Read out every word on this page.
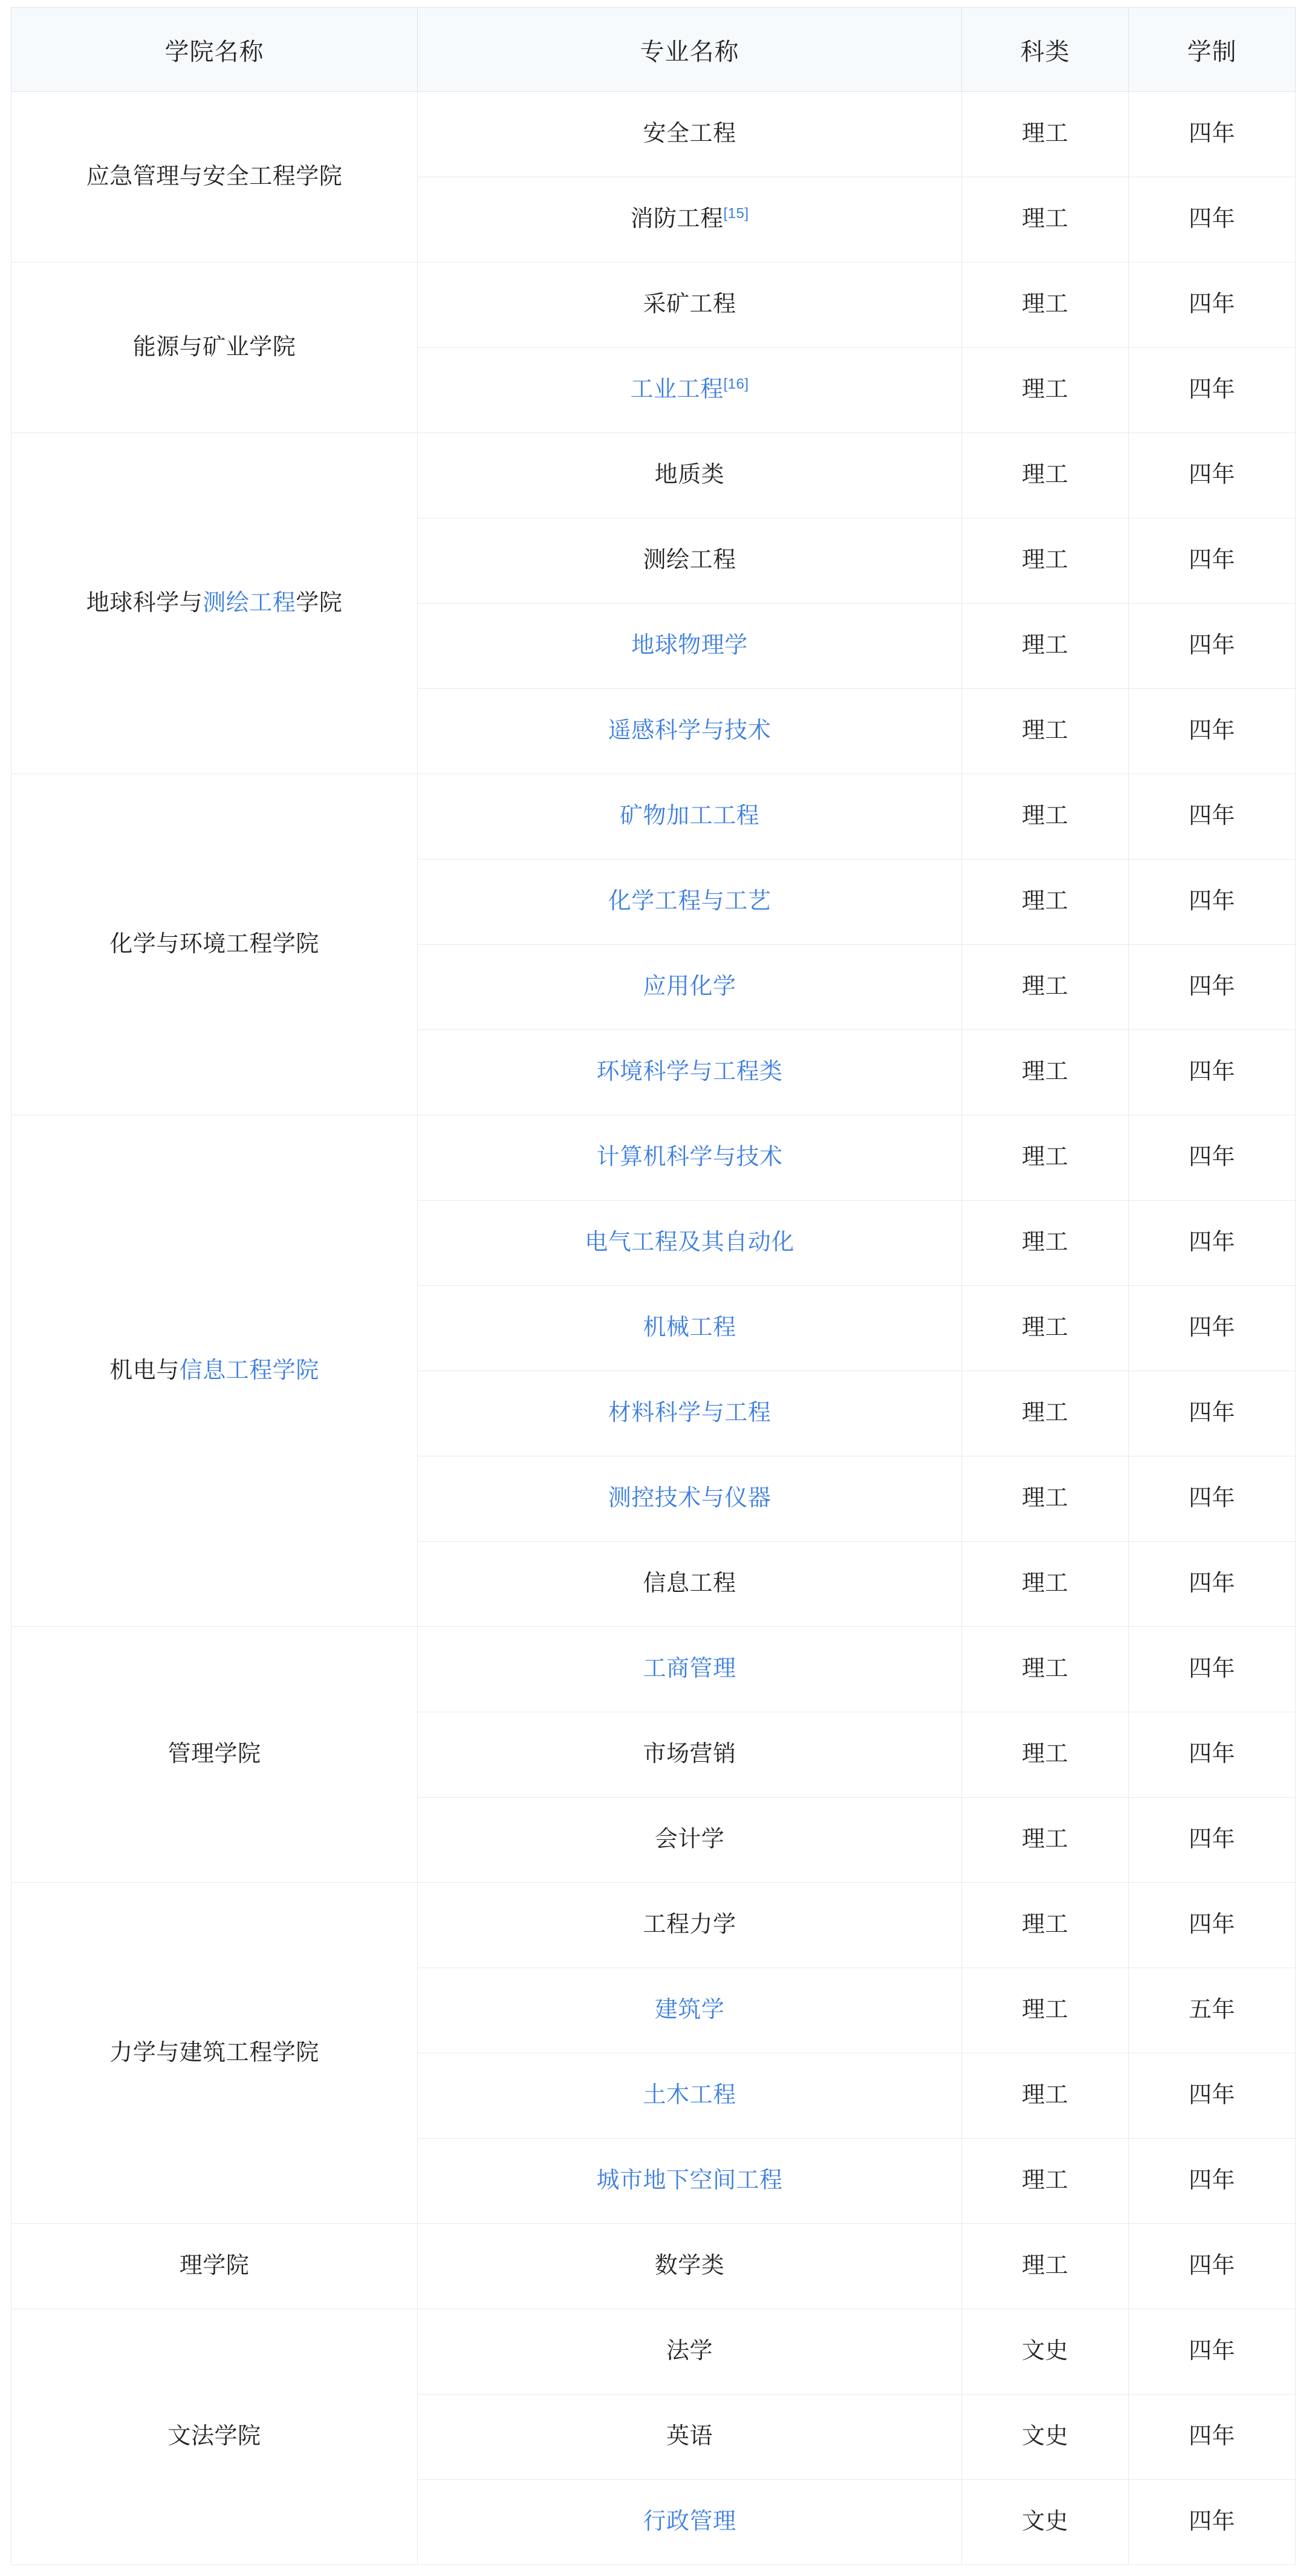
学院名称	专业名称	科类	学制
应急管理与安全工程学院	安全工程	理工	四年
	消防工程[15]	理工	四年
能源与矿业学院	采矿工程	理工	四年
	工业工程[16]	理工	四年
地球科学与测绘工程学院	地质类	理工	四年
	测绘工程	理工	四年
	地球物理学	理工	四年
	遥感科学与技术	理工	四年
化学与环境工程学院	矿物加工工程	理工	四年
	化学工程与工艺	理工	四年
	应用化学	理工	四年
	环境科学与工程类	理工	四年
机电与信息工程学院	计算机科学与技术	理工	四年
	电气工程及其自动化	理工	四年
	机械工程	理工	四年
	材料科学与工程	理工	四年
	测控技术与仪器	理工	四年
	信息工程	理工	四年
管理学院	工商管理	理工	四年
	市场营销	理工	四年
	会计学	理工	四年
力学与建筑工程学院	工程力学	理工	四年
	建筑学	理工	五年
	土木工程	理工	四年
	城市地下空间工程	理工	四年
理学院	数学类	理工	四年
文法学院	法学	文史	四年
	英语	文史	四年
	行政管理	文史	四年
